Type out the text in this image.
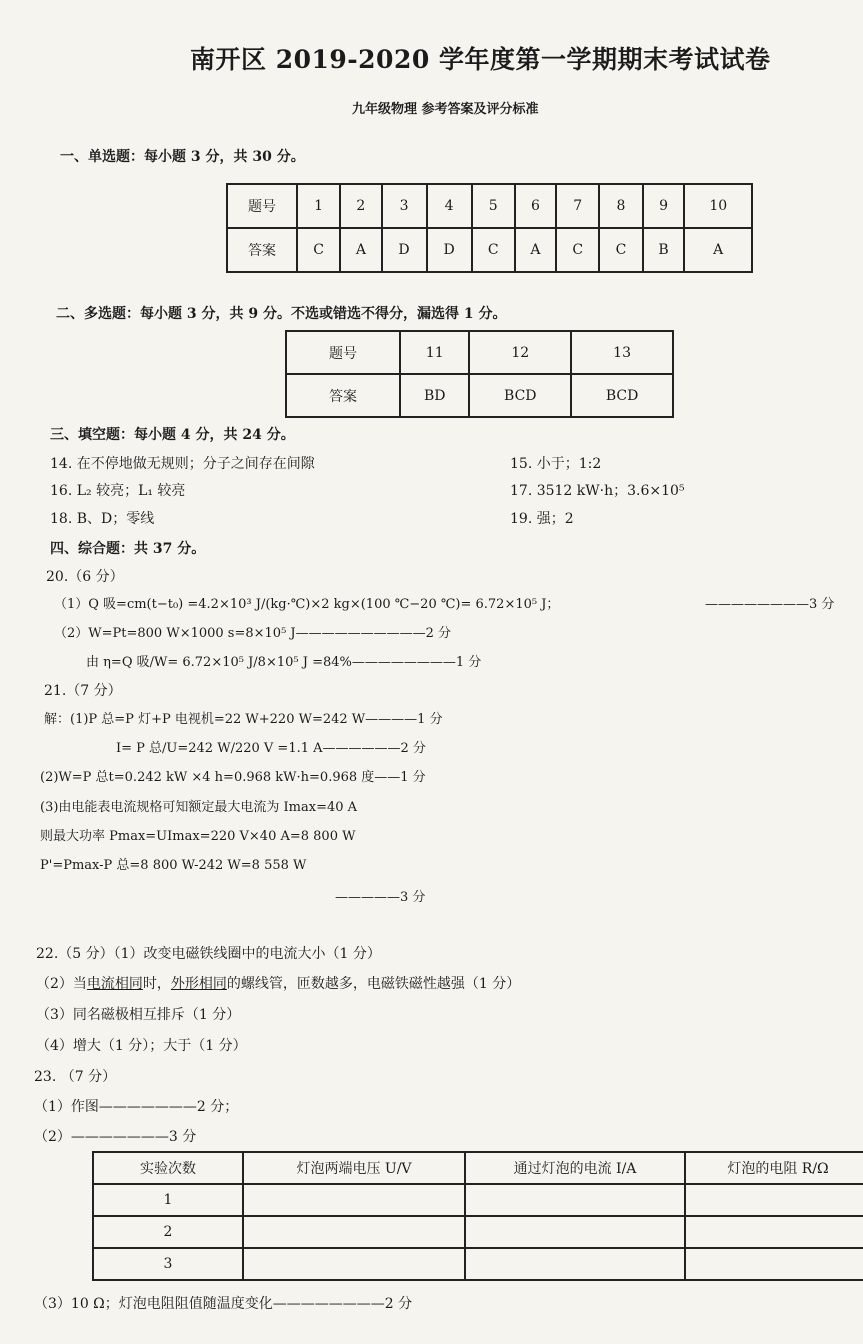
南开区 2019-2020 学年度第一学期期末考试试卷
九年级物理 参考答案及评分标准
一、单选题：每小题 3 分，共 30 分。
题号	1	2	3	4	5	6	7	8	9	10
答案	C	A	D	D	C	A	C	C	B	A
二、多选题：每小题 3 分，共 9 分。不选或错选不得分，漏选得 1 分。
题号	11	12	13
答案	BD	BCD	BCD
三、填空题：每小题 4 分，共 24 分。
14. 在不停地做无规则；分子之间存在间隙	15. 小于；1:2
16. L₂ 较亮；L₁ 较亮	17. 3512 kW·h；3.6×10⁵
18. B、D；零线	19. 强；2
四、综合题：共 37 分。
20.（6 分）
（1）Q 吸=cm(t−t₀) =4.2×10³ J/(kg·℃)×2 kg×(100 ℃−20 ℃)= 6.72×10⁵ J；	————————3 分
（2）W=Pt=800 W×1000 s=8×10⁵ J——————————2 分
由 η=Q 吸/W= 6.72×10⁵ J/8×10⁵ J =84%————————1 分
21.（7 分）
解：(1)P 总=P 灯+P 电视机=22 W+220 W=242 W————1 分
I= P 总/U=242 W/220 V =1.1 A——————2 分
(2)W=P 总t=0.242 kW ×4 h=0.968 kW·h=0.968 度——1 分
(3)由电能表电流规格可知额定最大电流为 Imax=40 A
则最大功率 Pmax=UImax=220 V×40 A=8 800 W
P'=Pmax-P 总=8 800 W-242 W=8 558 W
—————3 分
22.（5 分）（1）改变电磁铁线圈中的电流大小（1 分）
（2）当电流相同时，外形相同的螺线管，匝数越多，电磁铁磁性越强（1 分）
（3）同名磁极相互排斥（1 分）
（4）增大（1 分）；大于（1 分）
23. （7 分）
（1）作图———————2 分；
（2）———————3 分
实验次数	灯泡两端电压 U/V	通过灯泡的电流 I/A	灯泡的电阻 R/Ω
1			
2			
3			
（3）10 Ω；灯泡电阻阻值随温度变化————————2 分
